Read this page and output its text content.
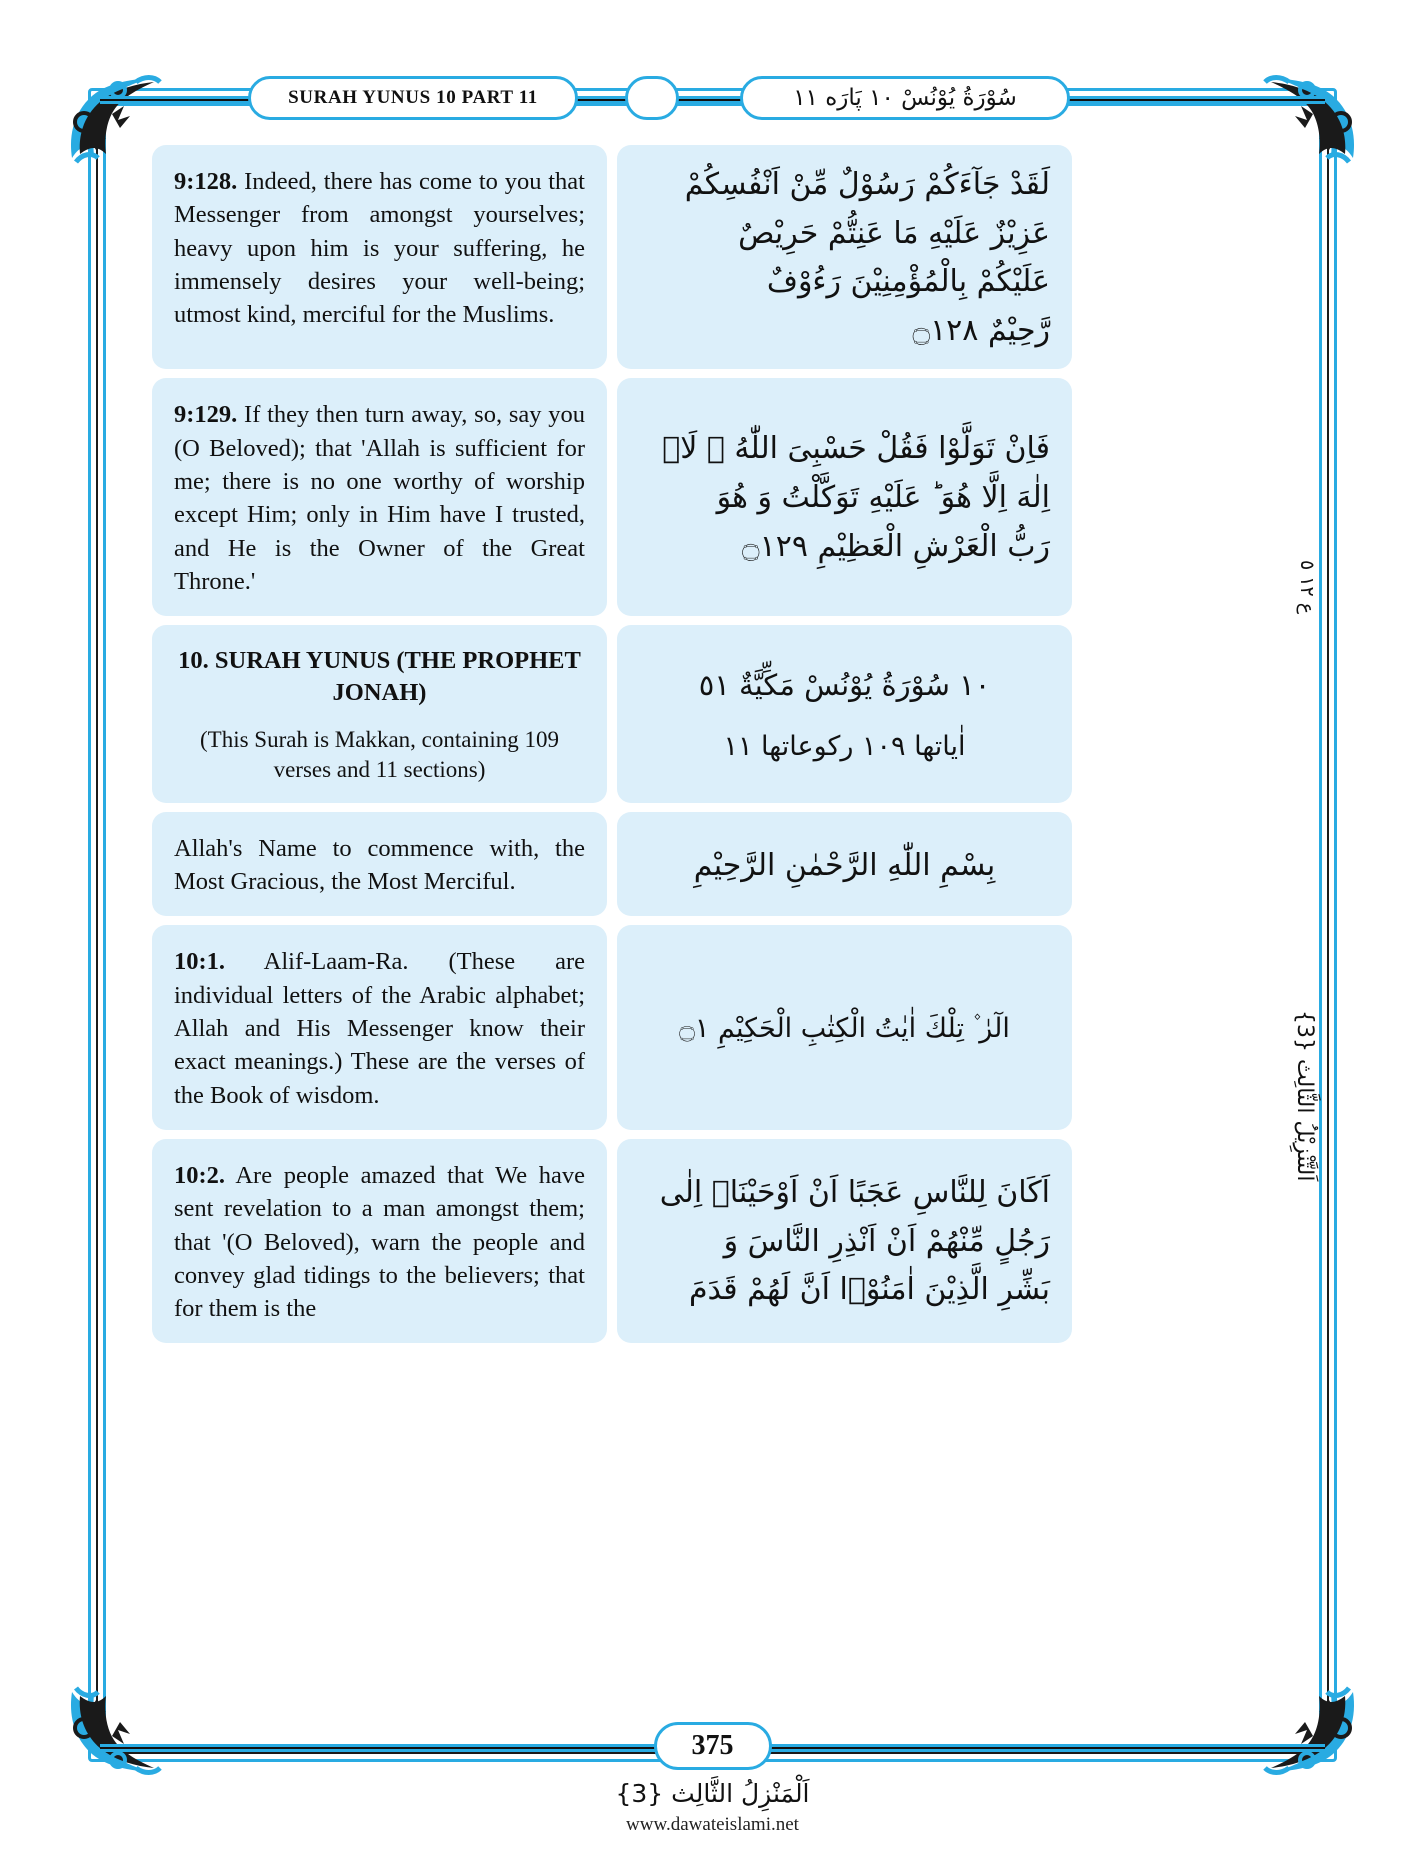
SURAH YUNUS 10 PART 11	سُوْرَةُ يُوْنُسْ ١٠ پَارَه ١١

9:128. Indeed, there has come to you that Messenger from amongst yourselves; heavy upon him is your suffering, he immensely desires your well-being; utmost kind, merciful for the Muslims.

لَقَدْ جَآءَكُمْ رَسُوْلٌ مِّنْ اَنْفُسِكُمْ

عَزِيْزٌ عَلَيْهِ مَا عَنِتُّمْ حَرِيْصٌ

عَلَيْكُمْ بِالْمُؤْمِنِيْنَ رَءُوْفٌ

رَّحِيْمٌ ۝١٢٨

9:129. If they then turn away, so, say you (O Beloved); that 'Allah is sufficient for me; there is no one worthy of worship except Him; only in Him have I trusted, and He is the Owner of the Great Throne.'

فَاِنْ تَوَلَّوْا فَقُلْ حَسْبِیَ اللّٰهُ ۖ لَاۤ

اِلٰهَ اِلَّا هُوَ ؕ عَلَيْهِ تَوَكَّلْتُ وَ هُوَ

رَبُّ الْعَرْشِ الْعَظِيْمِ ۝١٢٩

10. SURAH YUNUS (THE PROPHET JONAH)

(This Surah is Makkan, containing 109 verses and 11 sections)

١٠ سُوْرَةُ يُوْنُسْ مَكِّيَّةٌ ٥١

اٰیاتها ١٠٩ رکوعاتها ١١

Allah's Name to commence with, the Most Gracious, the Most Merciful.	بِسْمِ اللّٰهِ الرَّحْمٰنِ الرَّحِيْمِ

10:1. Alif-Laam-Ra. (These are individual letters of the Arabic alphabet; Allah and His Messenger know their exact meanings.) These are the verses of the Book of wisdom.

الٓرٰ ۫ تِلْكَ اٰيٰتُ الْكِتٰبِ الْحَكِيْمِ ۝١

10:2. Are people amazed that We have sent revelation to a man amongst them; that '(O Beloved), warn the people and convey glad tidings to the believers; that for them is the

اَكَانَ لِلنَّاسِ عَجَبًا اَنْ اَوْحَيْنَاۤ اِلٰى

رَجُلٍ مِّنْهُمْ اَنْ اَنْذِرِ النَّاسَ وَ

بَشِّرِ الَّذِيْنَ اٰمَنُوْۤا اَنَّ لَهُمْ قَدَمَ

ع ١٢ ٥
اَلتَّنْزِيْلُ الثَّالِث {3}
375
اَلْمَنْزِلُ الثَّالِث {3}
www.dawateislami.net
